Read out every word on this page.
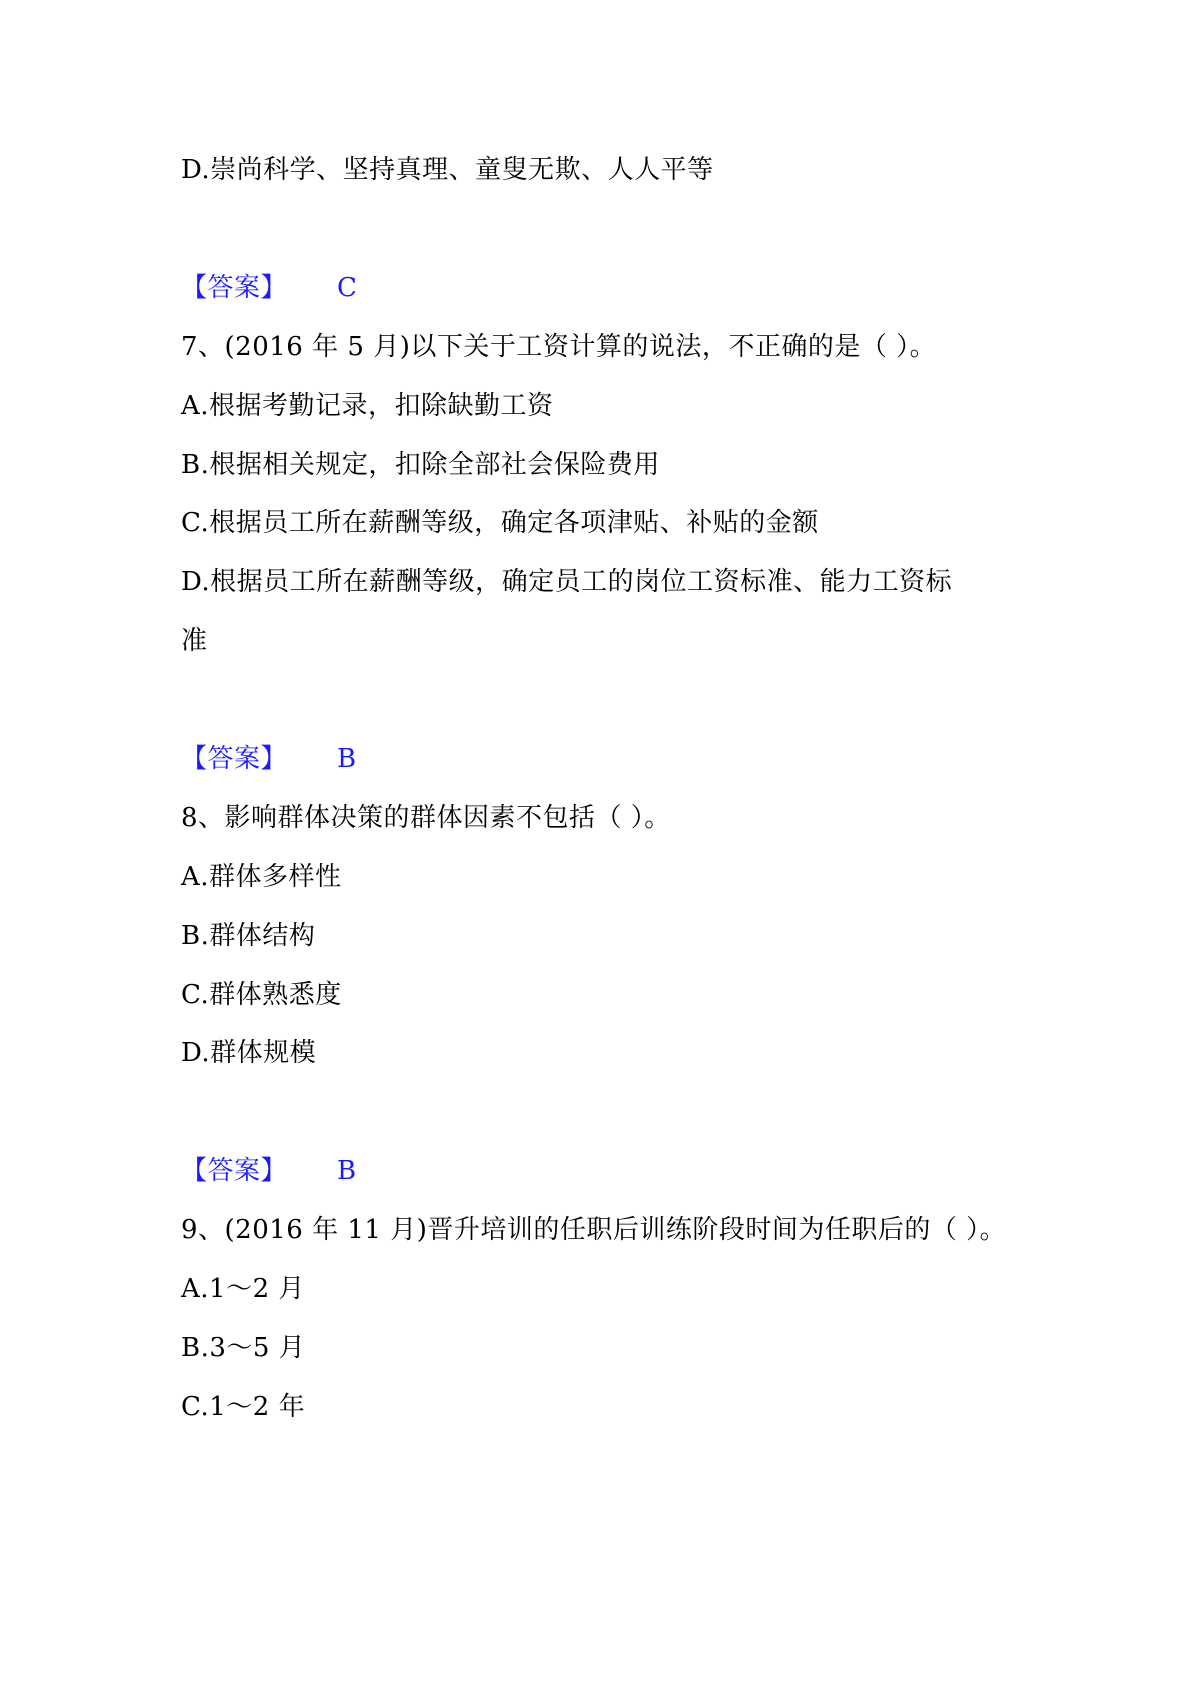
D.崇尚科学、坚持真理、童叟无欺、人人平等
【答案】 C
7、(2016 年 5 月)以下关于工资计算的说法，不正确的是（ ）。
A.根据考勤记录，扣除缺勤工资
B.根据相关规定，扣除全部社会保险费用
C.根据员工所在薪酬等级，确定各项津贴、补贴的金额
D.根据员工所在薪酬等级，确定员工的岗位工资标准、能力工资标
准
【答案】 B
8、影响群体决策的群体因素不包括（ ）。
A.群体多样性
B.群体结构
C.群体熟悉度
D.群体规模
【答案】 B
9、(2016 年 11 月)晋升培训的任职后训练阶段时间为任职后的（ ）。
A.1～2 月
B.3～5 月
C.1～2 年
